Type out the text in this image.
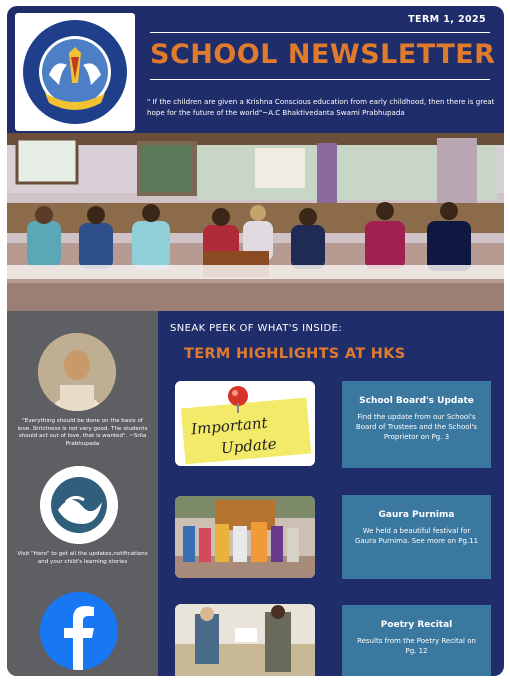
TERM 1, 2025
SCHOOL NEWSLETTER
" If the children are given a Krishna Conscious education from early childhood, then there is great hope for the future of the world"~A.C Bhaktivedanta Swami Prabhupada
"Everything should be done on the basis of love. Strictness is not very good. The students should act out of love, that is wanted". ~Srila Prabhupada
Visit "Hero" to get all the updates,notifications and your child's learning stories
SNEAK PEEK OF WHAT'S INSIDE:
TERM HIGHLIGHTS AT HKS
Important
Update
School Board's Update
Find the update from our School's Board of Trustees and the School's Proprietor on Pg. 3
Gaura Purnima
We held a beautiful festival for Gaura Purnima. See more on Pg.11
Poetry Recital
Results from the Poetry Recital on Pg. 12
